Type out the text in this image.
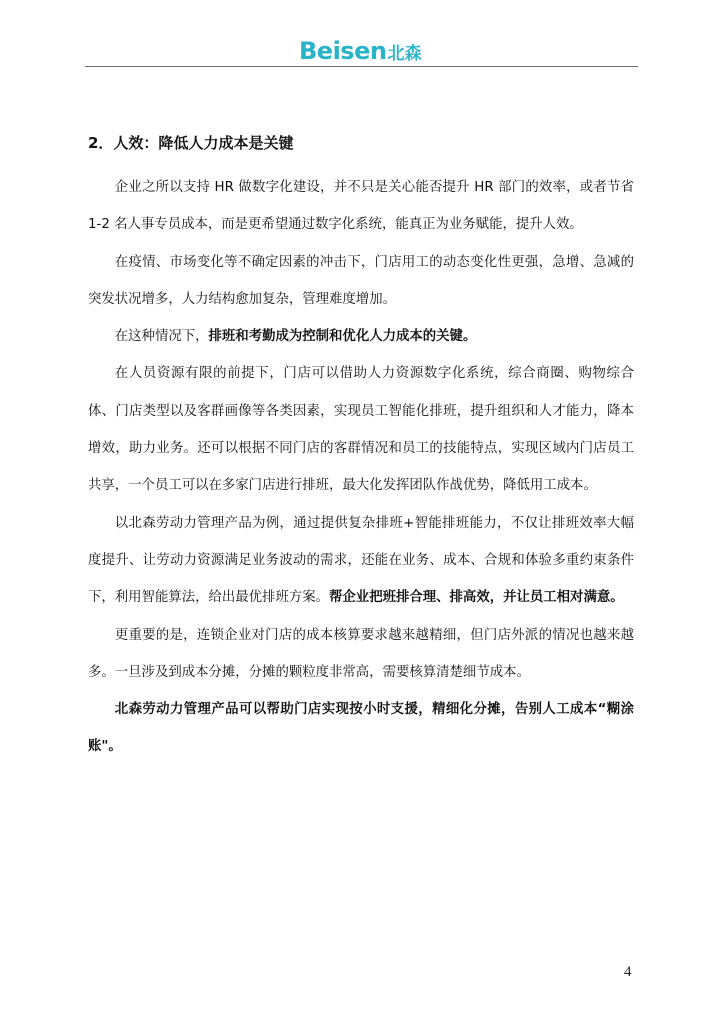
Beisen 北森
2．人效：降低人力成本是关键

企业之所以支持 HR 做数字化建设，并不只是关心能否提升 HR 部门的效率，或者节省 1-2 名人事专员成本，而是更希望通过数字化系统，能真正为业务赋能，提升人效。

在疫情、市场变化等不确定因素的冲击下，门店用工的动态变化性更强，急增、急减的突发状况增多，人力结构愈加复杂，管理难度增加。

在这种情况下，排班和考勤成为控制和优化人力成本的关键。

在人员资源有限的前提下，门店可以借助人力资源数字化系统，综合商圈、购物综合体、门店类型以及客群画像等各类因素，实现员工智能化排班，提升组织和人才能力，降本增效，助力业务。还可以根据不同门店的客群情况和员工的技能特点，实现区域内门店员工共享，一个员工可以在多家门店进行排班，最大化发挥团队作战优势，降低用工成本。

以北森劳动力管理产品为例，通过提供复杂排班+智能排班能力，不仅让排班效率大幅度提升、让劳动力资源满足业务波动的需求，还能在业务、成本、合规和体验多重约束条件下，利用智能算法，给出最优排班方案。帮企业把班排合理、排高效，并让员工相对满意。

更重要的是，连锁企业对门店的成本核算要求越来越精细，但门店外派的情况也越来越多。一旦涉及到成本分摊，分摊的颗粒度非常高，需要核算清楚细节成本。

北森劳动力管理产品可以帮助门店实现按小时支援，精细化分摊，告别人工成本“糊涂账"。

4
